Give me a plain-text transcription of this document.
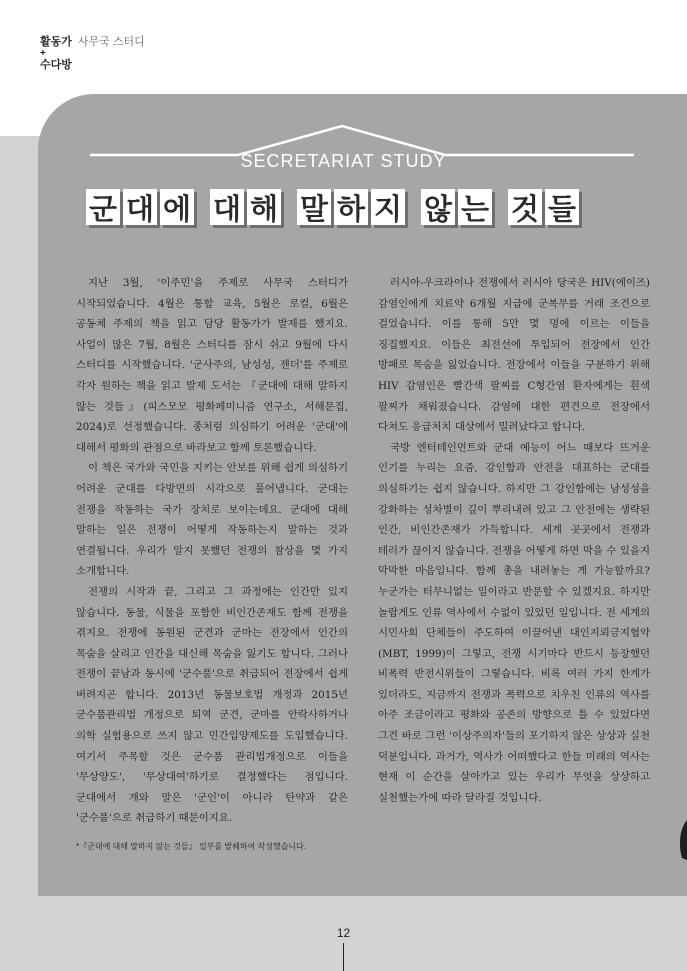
활동가 사무국 스터디
+
수다방
SECRETARIAT STUDY
군 대 에 대 해 말 하 지 않 는 것 들

지난 3월, '이주민'을 주제로 사무국 스터디가 시작되었습니다. 4월은 통합 교육, 5월은 로컬, 6월은 공동체 주제의 책을 읽고 담당 활동가가 발제를 했지요. 사업이 많은 7월, 8월은 스터디를 잠시 쉬고 9월에 다시 스터디를 시작했습니다. '군사주의, 남성성, 젠더'를 주제로 각자 원하는 책을 읽고 발제 도서는 『군대에 대해 말하지 않는 것들』(피스모모 평화페미니즘 연구소, 서해문집, 2024)로 선정했습니다. 종처럼 의심하기 어려운 '군대'에 대해서 평화의 관점으로 바라보고 함께 토론했습니다.

이 책은 국가와 국민을 지키는 안보를 위해 쉽게 의심하기 어려운 군대를 다방면의 시각으로 풀어냅니다. 군대는 전쟁을 작동하는 국가 장치로 보이는데요. 군대에 대해 말하는 일은 전쟁이 어떻게 작동하는지 말하는 것과 연결됩니다. 우리가 알지 못했던 전쟁의 참상을 몇 가지 소개합니다.

전쟁의 시작과 끝, 그리고 그 과정에는 인간만 있지 않습니다. 동물, 식물을 포함한 비인간존재도 함께 전쟁을 겪지요. 전쟁에 동원된 군견과 군마는 전장에서 인간의 목숨을 살리고 인간을 대신해 목숨을 잃기도 합니다. 그러나 전쟁이 끝남과 동시에 '군수품'으로 취급되어 전장에서 쉽게 버려지곤 합니다. 2013년 동물보호법 개정과 2015년 군수품관리법 개정으로 퇴역 군견, 군마를 안락사하거나 의학 실험용으로 쓰지 않고 민간입양제도를 도입했습니다. 여기서 주목할 것은 군수품 관리법개정으로 이들을 '무상양도', '무상대여'하기로 결정했다는 점입니다. 군대에서 개와 말은 '군인'이 아니라 탄약과 같은 '군수품'으로 취급하기 때문이지요.

*『군대에 대해 말하지 않는 것들』 일부를 발췌하여 작성했습니다.

러시아-우크라이나 전쟁에서 러시아 당국은 HIV(에이즈) 감염인에게 치료약 6개월 지급에 군복무를 거래 조건으로 걸었습니다. 이를 통해 5만 몇 명에 이르는 이들을 징집했지요. 이들은 최전선에 투입되어 전장에서 인간 방패로 목숨을 잃었습니다. 전장에서 이들을 구분하기 위해 HIV 감염인은 빨간색 팔찌를 C형간염 환자에게는 흰색 팔찌가 채워졌습니다. 감염에 대한 편견으로 전장에서 다쳐도 응급처치 대상에서 밀려났다고 합니다.

국방 엔터테인먼트와 군대 예능이 어느 때보다 뜨거운 인기를 누리는 요즘, 강인함과 안전을 대표하는 군대를 의심하기는 쉽지 않습니다. 하지만 그 강인함에는 남성성을 강화하는 성차별이 깊이 뿌리내려 있고 그 안전에는 생략된 인간, 비인간존재가 가득합니다. 세계 곳곳에서 전쟁과 테러가 끊이지 않습니다. 전쟁을 어떻게 하면 막을 수 있을지 막막한 마음입니다. 함께 총을 내려놓는 게 가능할까요? 누군가는 터무니없는 일이라고 반문할 수 있겠지요. 하지만 놀랍게도 인류 역사에서 수없이 있었던 일입니다. 전 세계의 시민사회 단체들이 주도하여 이끌어낸 대인지뢰금지협약(MBT, 1999)이 그렇고, 전쟁 시기마다 반드시 등장했던 비폭력 반전시위들이 그렇습니다. 비록 여러 가지 한계가 있더라도, 지금까지 전쟁과 폭력으로 치우친 인류의 역사를 아주 조금이라고 평화와 공존의 방향으로 틀 수 있었다면 그건 바로 그런 '이상주의자'들의 포기하지 않은 상상과 실천 덕분입니다. 과거가, 역사가 어떠했다고 한들 미래의 역사는 현재 이 순간을 살아가고 있는 우리가 무엇을 상상하고 실천했는가에 따라 달라질 것입니다.

12
